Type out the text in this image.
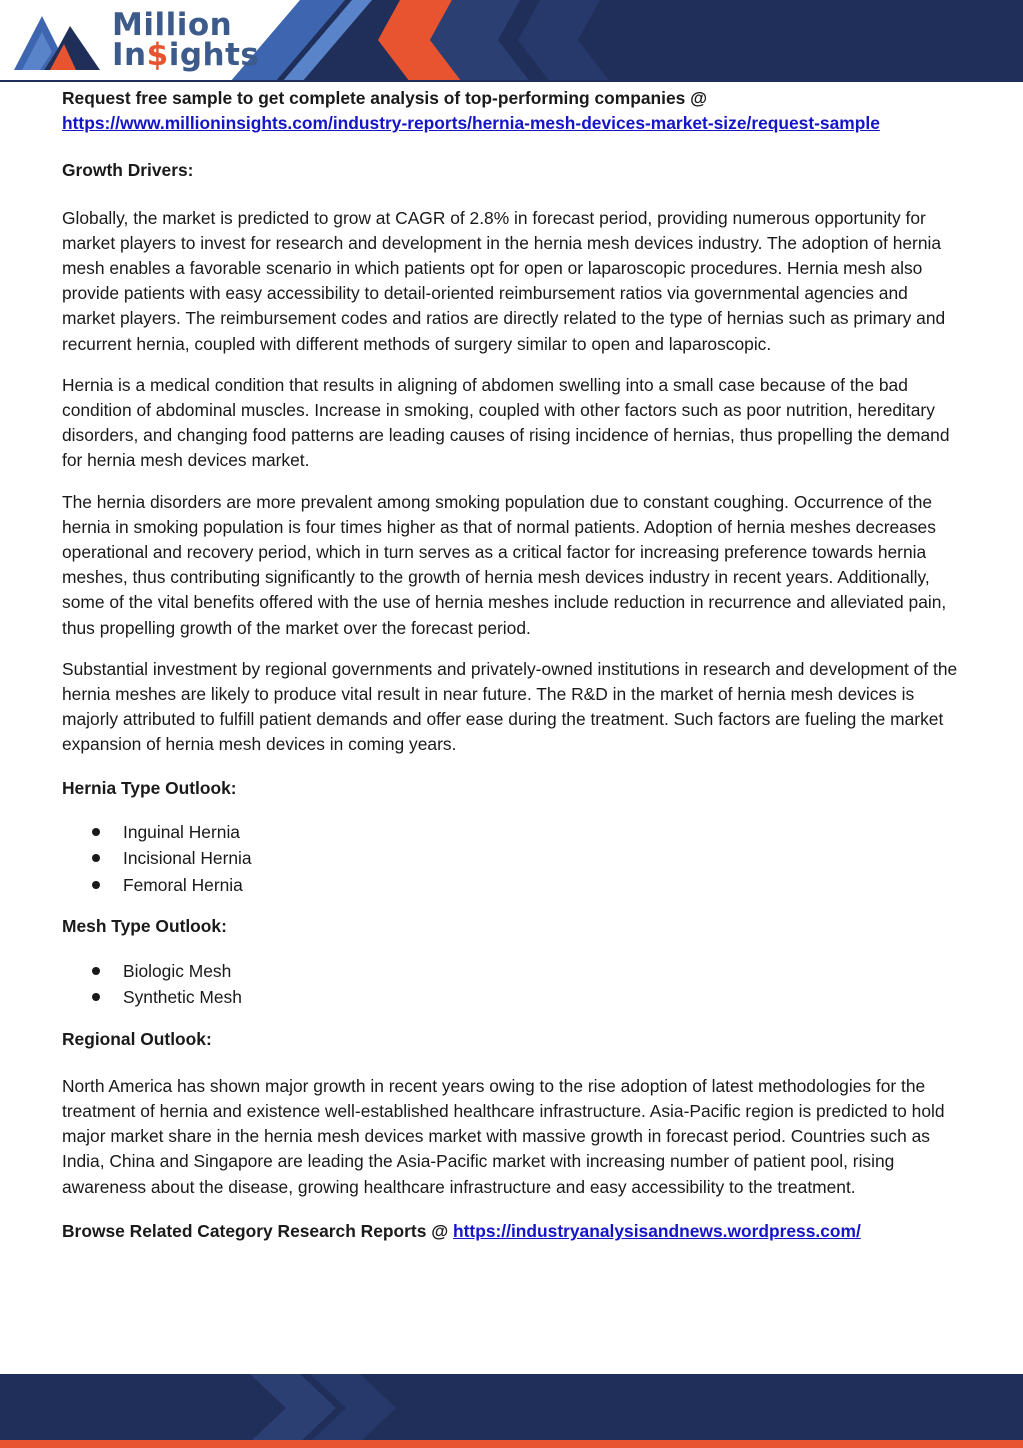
Million
In$ights

Request free sample to get complete analysis of top-performing companies @

https://www.millioninsights.com/industry-reports/hernia-mesh-devices-market-size/request-sample

Growth Drivers:

Globally, the market is predicted to grow at CAGR of 2.8% in forecast period, providing numerous opportunity for market players to invest for research and development in the hernia mesh devices industry. The adoption of hernia mesh enables a favorable scenario in which patients opt for open or laparoscopic procedures. Hernia mesh also provide patients with easy accessibility to detail-oriented reimbursement ratios via governmental agencies and market players. The reimbursement codes and ratios are directly related to the type of hernias such as primary and recurrent hernia, coupled with different methods of surgery similar to open and laparoscopic.

Hernia is a medical condition that results in aligning of abdomen swelling into a small case because of the bad condition of abdominal muscles. Increase in smoking, coupled with other factors such as poor nutrition, hereditary disorders, and changing food patterns are leading causes of rising incidence of hernias, thus propelling the demand for hernia mesh devices market.

The hernia disorders are more prevalent among smoking population due to constant coughing. Occurrence of the hernia in smoking population is four times higher as that of normal patients. Adoption of hernia meshes decreases operational and recovery period, which in turn serves as a critical factor for increasing preference towards hernia meshes, thus contributing significantly to the growth of hernia mesh devices industry in recent years. Additionally, some of the vital benefits offered with the use of hernia meshes include reduction in recurrence and alleviated pain, thus propelling growth of the market over the forecast period.

Substantial investment by regional governments and privately-owned institutions in research and development of the hernia meshes are likely to produce vital result in near future. The R&D in the market of hernia mesh devices is majorly attributed to fulfill patient demands and offer ease during the treatment. Such factors are fueling the market expansion of hernia mesh devices in coming years.

Hernia Type Outlook:

Inguinal Hernia
Incisional Hernia
Femoral Hernia

Mesh Type Outlook:

Biologic Mesh
Synthetic Mesh

Regional Outlook:

North America has shown major growth in recent years owing to the rise adoption of latest methodologies for the treatment of hernia and existence well-established healthcare infrastructure. Asia-Pacific region is predicted to hold major market share in the hernia mesh devices market with massive growth in forecast period. Countries such as India, China and Singapore are leading the Asia-Pacific market with increasing number of patient pool, rising awareness about the disease, growing healthcare infrastructure and easy accessibility to the treatment.

Browse Related Category Research Reports @ https://industryanalysisandnews.wordpress.com/
